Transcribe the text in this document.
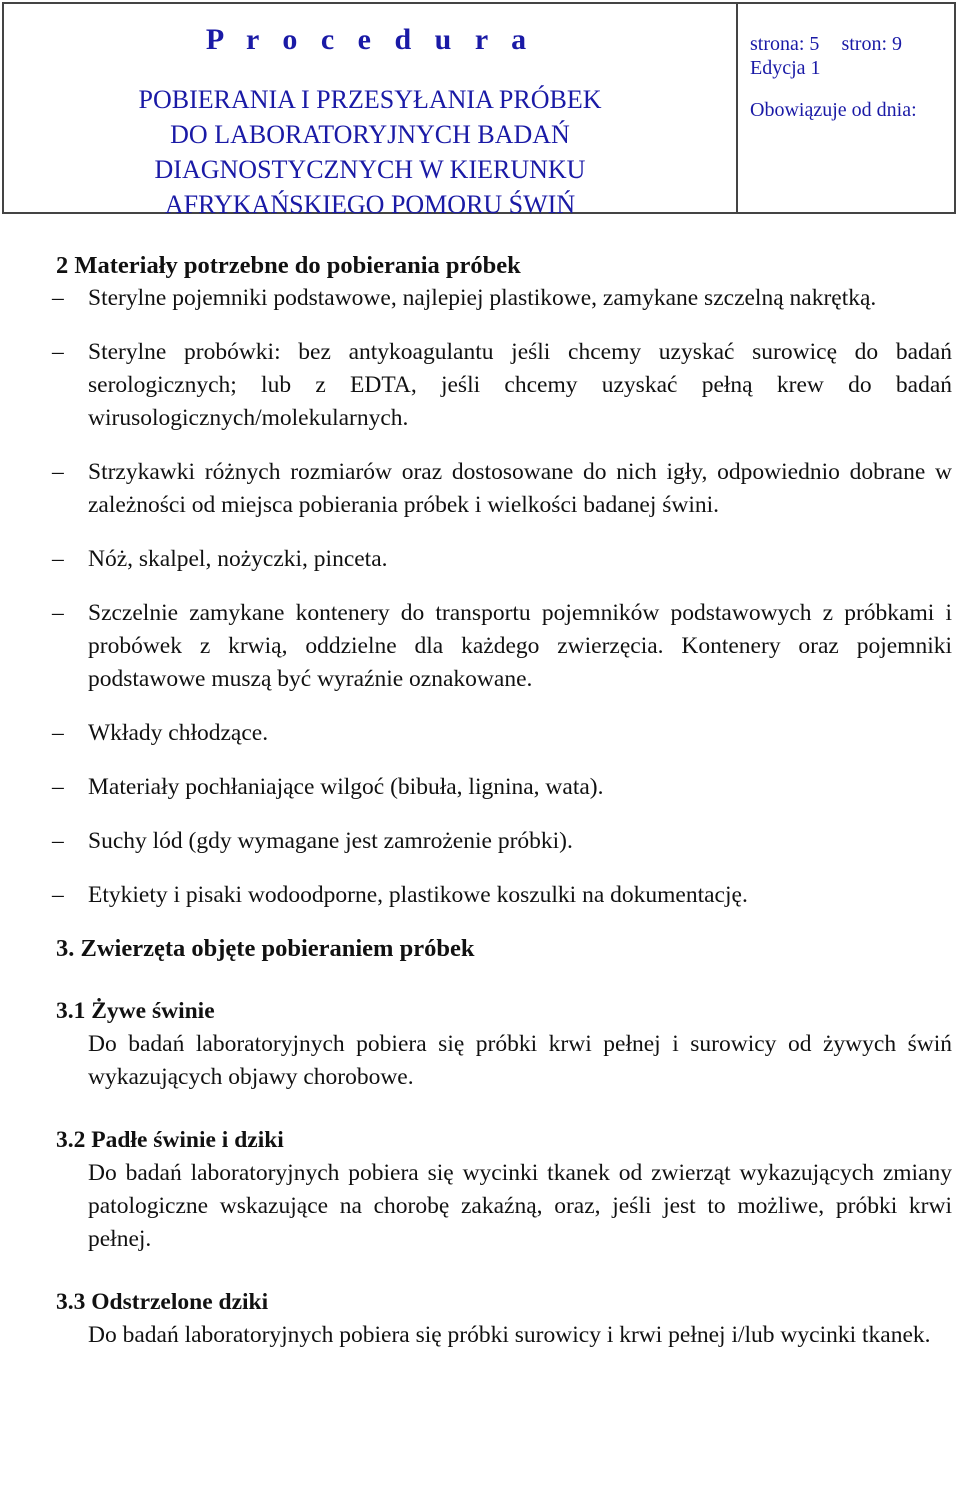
P r o c e d u r a
POBIERANIA I PRZESYŁANIA PRÓBEK
DO LABORATORYJNYCH BADAŃ
DIAGNOSTYCZNYCH W KIERUNKU
AFRYKAŃSKIEGO POMORU ŚWIŃ
strona: 5 stron: 9
Edycja 1
Obowiązuje od dnia:
2 Materiały potrzebne do pobierania próbek
– Sterylne pojemniki podstawowe, najlepiej plastikowe, zamykane szczelną nakrętką.
– Sterylne probówki: bez antykoagulantu jeśli chcemy uzyskać surowicę do badań serologicznych; lub z EDTA, jeśli chcemy uzyskać pełną krew do badań wirusologicznych/molekularnych.
– Strzykawki różnych rozmiarów oraz dostosowane do nich igły, odpowiednio dobrane w zależności od miejsca pobierania próbek i wielkości badanej świni.
– Nóż, skalpel, nożyczki, pinceta.
– Szczelnie zamykane kontenery do transportu pojemników podstawowych z próbkami i probówek z krwią, oddzielne dla każdego zwierzęcia. Kontenery oraz pojemniki podstawowe muszą być wyraźnie oznakowane.
– Wkłady chłodzące.
– Materiały pochłaniające wilgoć (bibuła, lignina, wata).
– Suchy lód (gdy wymagane jest zamrożenie próbki).
– Etykiety i pisaki wodoodporne, plastikowe koszulki na dokumentację.
3. Zwierzęta objęte pobieraniem próbek
3.1 Żywe świnie

Do badań laboratoryjnych pobiera się próbki krwi pełnej i surowicy od żywych świń wykazujących objawy chorobowe.

3.2 Padłe świnie i dziki

Do badań laboratoryjnych pobiera się wycinki tkanek od zwierząt wykazujących zmiany patologiczne wskazujące na chorobę zakaźną, oraz, jeśli jest to możliwe, próbki krwi pełnej.

3.3 Odstrzelone dziki

Do badań laboratoryjnych pobiera się próbki surowicy i krwi pełnej i/lub wycinki tkanek.
